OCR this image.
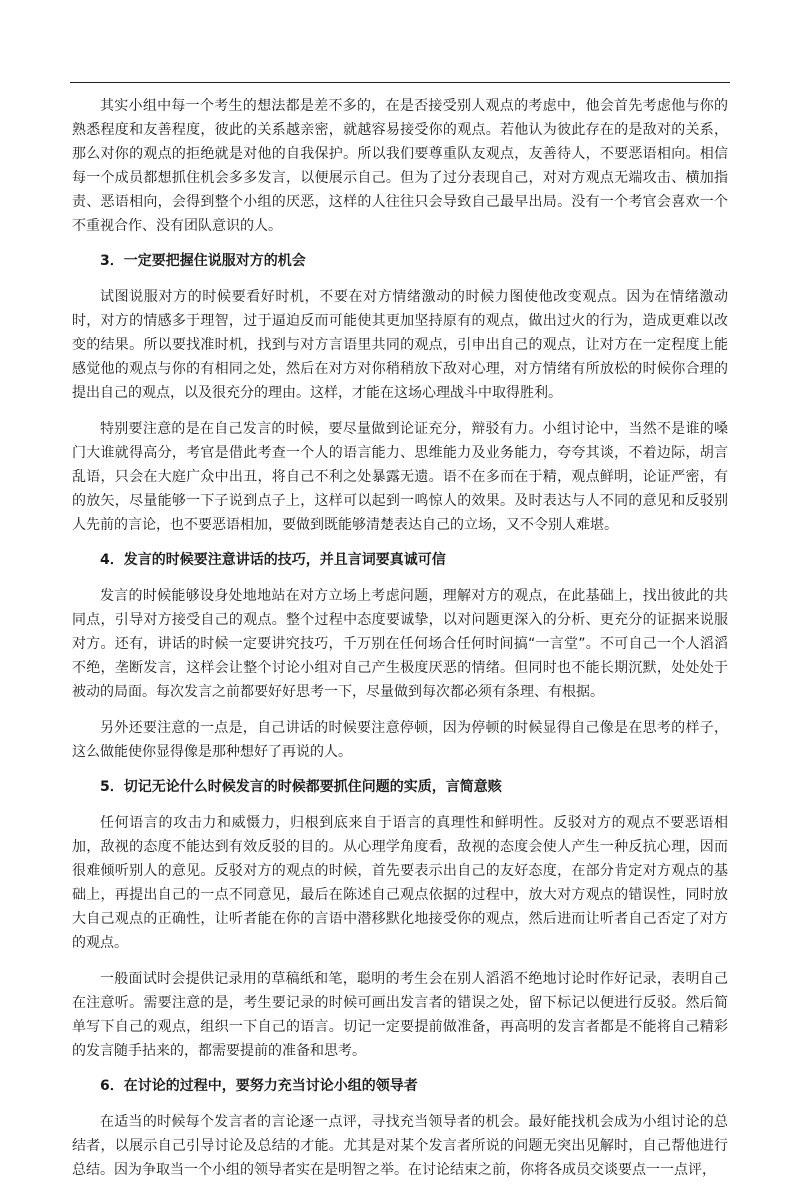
其实小组中每一个考生的想法都是差不多的，在是否接受别人观点的考虑中，他会首先考虑他与你的熟悉程度和友善程度，彼此的关系越亲密，就越容易接受你的观点。若他认为彼此存在的是敌对的关系，那么对你的观点的拒绝就是对他的自我保护。所以我们要尊重队友观点，友善待人，不要恶语相向。相信每一个成员都想抓住机会多多发言，以便展示自己。但为了过分表现自己，对对方观点无端攻击、横加指责、恶语相向，会得到整个小组的厌恶，这样的人往往只会导致自己最早出局。没有一个考官会喜欢一个不重视合作、没有团队意识的人。

3．一定要把握住说服对方的机会

试图说服对方的时候要看好时机，不要在对方情绪激动的时候力图使他改变观点。因为在情绪激动时，对方的情感多于理智，过于逼迫反而可能使其更加坚持原有的观点，做出过火的行为，造成更难以改变的结果。所以要找准时机，找到与对方言语里共同的观点，引申出自己的观点，让对方在一定程度上能感觉他的观点与你的有相同之处，然后在对方对你稍稍放下敌对心理，对方情绪有所放松的时候你合理的提出自己的观点，以及很充分的理由。这样，才能在这场心理战斗中取得胜利。

特别要注意的是在自己发言的时候，要尽量做到论证充分，辩驳有力。小组讨论中，当然不是谁的嗓门大谁就得高分，考官是借此考查一个人的语言能力、思维能力及业务能力，夸夸其谈，不着边际，胡言乱语，只会在大庭广众中出丑，将自己不利之处暴露无遗。语不在多而在于精，观点鲜明，论证严密，有的放矢，尽量能够一下子说到点子上，这样可以起到一鸣惊人的效果。及时表达与人不同的意见和反驳别人先前的言论，也不要恶语相加，要做到既能够清楚表达自己的立场，又不令别人难堪。

4．发言的时候要注意讲话的技巧，并且言词要真诚可信

发言的时候能够设身处地地站在对方立场上考虑问题，理解对方的观点，在此基础上，找出彼此的共同点，引导对方接受自己的观点。整个过程中态度要诚挚，以对问题更深入的分析、更充分的证据来说服对方。还有，讲话的时候一定要讲究技巧，千万别在任何场合任何时间搞“一言堂”。不可自己一个人滔滔不绝，垄断发言，这样会让整个讨论小组对自己产生极度厌恶的情绪。但同时也不能长期沉默，处处处于被动的局面。每次发言之前都要好好思考一下，尽量做到每次都必须有条理、有根据。

另外还要注意的一点是，自己讲话的时候要注意停顿，因为停顿的时候显得自己像是在思考的样子，这么做能使你显得像是那种想好了再说的人。

5．切记无论什么时候发言的时候都要抓住问题的实质，言简意赅

任何语言的攻击力和威慑力，归根到底来自于语言的真理性和鲜明性。反驳对方的观点不要恶语相加，敌视的态度不能达到有效反驳的目的。从心理学角度看，敌视的态度会使人产生一种反抗心理，因而很难倾听别人的意见。反驳对方的观点的时候，首先要表示出自己的友好态度，在部分肯定对方观点的基础上，再提出自己的一点不同意见，最后在陈述自己观点依据的过程中，放大对方观点的错误性，同时放大自己观点的正确性，让听者能在你的言语中潜移默化地接受你的观点，然后进而让听者自己否定了对方的观点。

一般面试时会提供记录用的草稿纸和笔，聪明的考生会在别人滔滔不绝地讨论时作好记录，表明自己在注意听。需要注意的是，考生要记录的时候可画出发言者的错误之处，留下标记以便进行反驳。然后简单写下自己的观点，组织一下自己的语言。切记一定要提前做准备，再高明的发言者都是不能将自己精彩的发言随手拈来的，都需要提前的准备和思考。

6．在讨论的过程中，要努力充当讨论小组的领导者

在适当的时候每个发言者的言论逐一点评，寻找充当领导者的机会。最好能找机会成为小组讨论的总结者，以展示自己引导讨论及总结的才能。尤其是对某个发言者所说的问题无突出见解时，自己帮他进行总结。因为争取当一个小组的领导者实在是明智之举。在讨论结束之前，你将各成员交谈要点一一点评，
